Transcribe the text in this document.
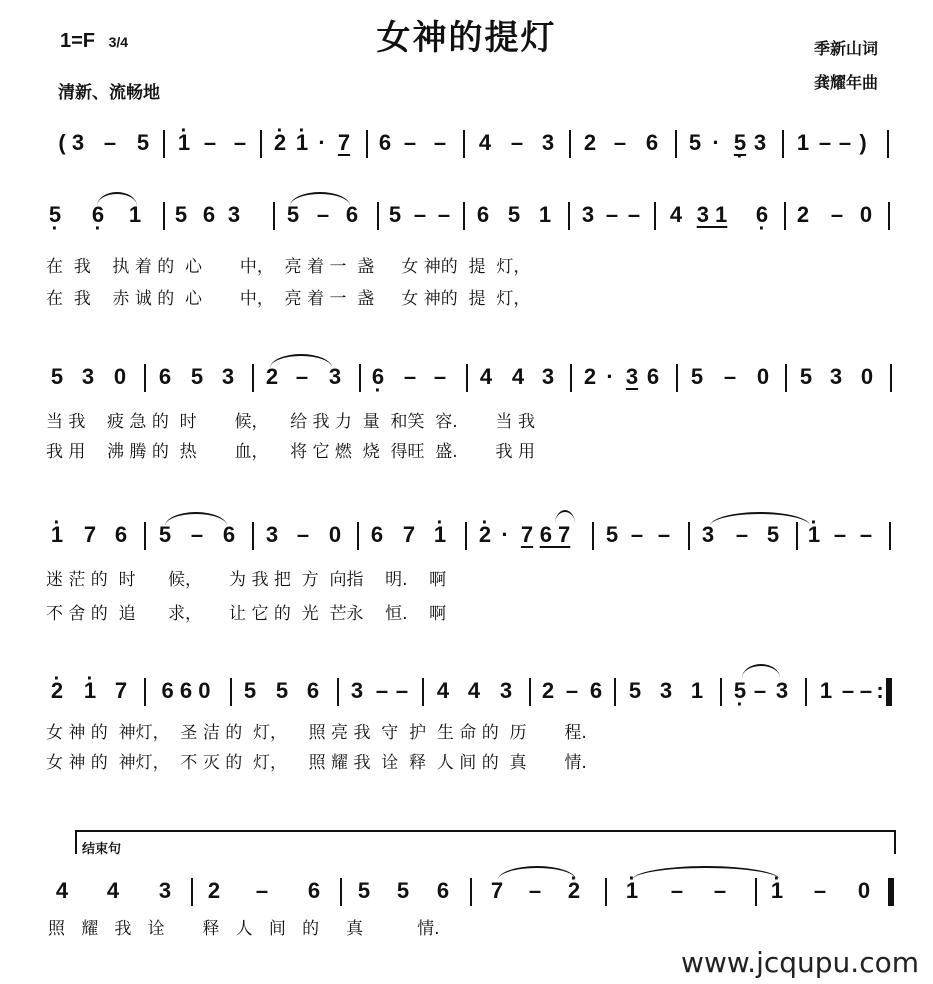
女神的提灯
1=F 3/4
清新、流畅地
季新山词
龚耀年曲
( 3 – 5 · 1 – – · 2 · 1 · 7 6 – – 4 – 3 2 – 6 5 · 5 · 3 1 – – )
5 · 6 · 1 5 6 3 5 – 6 5 – – 6 5 1 3 – – 4 3 1 6 · 2 – 0
在  我    执 着 的  心       中，  亮 着 一  盏     女 神的  提  灯，
在  我    赤 诚 的  心       中，  亮 着 一  盏     女 神的  提  灯，
5 3 0 6 5 3 2 – 3 6 · – – 4 4 3 2 · 3 6 5 – 0 5 3 0
当 我    疲 急 的  时       候，    给 我 力  量  和笑  容.       当 我
我 用    沸 腾 的  热       血，    将 它 燃  烧  得旺  盛.       我 用
· 1 7 6 5 – 6 3 – 0 6 7 · 1 · 2 · 7 6 7 5 – – 3 – 5 · 1 – –
迷 茫 的  时      候，     为 我 把  方  向指    明.    啊
不 舍 的  追      求，     让 它 的  光  芒永    恒.    啊
· 2 · 1 7 6 6 0 5 5 6 3 – – 4 4 3 2 – 6 5 3 1 5 · – 3 1 – – :
女 神 的  神灯，  圣 洁 的  灯，    照 亮 我  守  护  生 命 的  历       程.
女 神 的  神灯，  不 灭 的  灯，    照 耀 我  诠  释  人 间 的  真       情.
结束句
4 4 3 2 – 6 5 5 6 7 – · 2 · 1 – – · 1 – 0
照   耀   我   诠       释   人   间   的     真          情.
www.jcqupu.com
